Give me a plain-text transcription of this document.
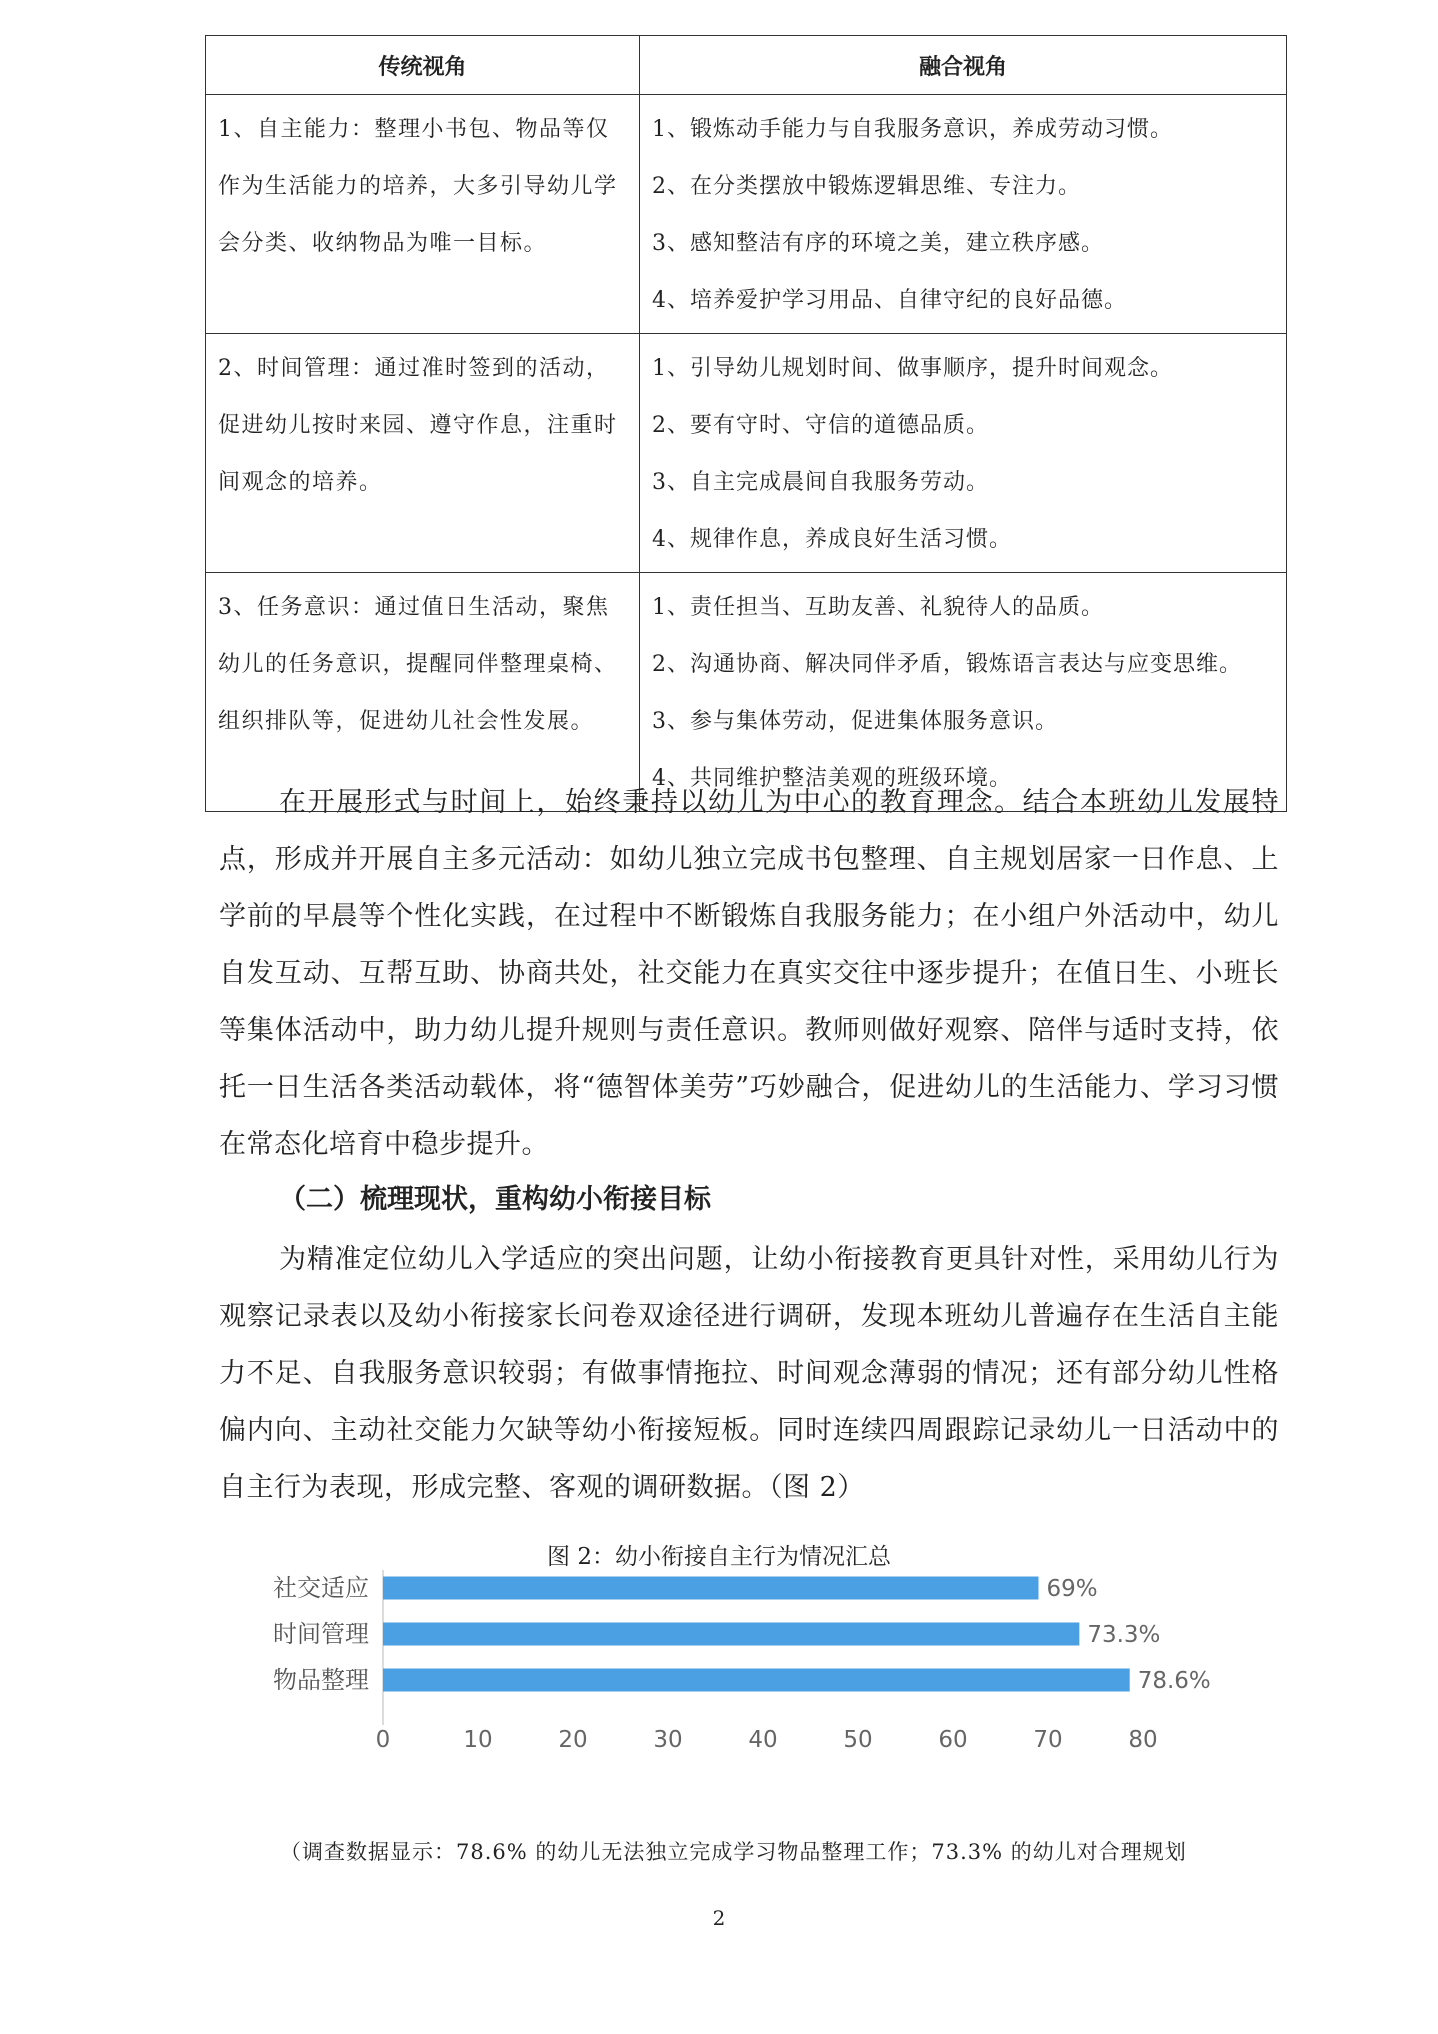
传统视角	融合视角

1、自主能力：整理小书包、物品等仅作为生活能力的培养，大多引导幼儿学会分类、收纳物品为唯一目标。	1、锻炼动手能力与自我服务意识，养成劳动习惯。
2、在分类摆放中锻炼逻辑思维、专注力。
3、感知整洁有序的环境之美，建立秩序感。
4、培养爱护学习用品、自律守纪的良好品德。

2、时间管理：通过准时签到的活动，促进幼儿按时来园、遵守作息，注重时间观念的培养。	1、引导幼儿规划时间、做事顺序，提升时间观念。
2、要有守时、守信的道德品质。
3、自主完成晨间自我服务劳动。
4、规律作息，养成良好生活习惯。

3、任务意识：通过值日生活动，聚焦幼儿的任务意识，提醒同伴整理桌椅、组织排队等，促进幼儿社会性发展。	1、责任担当、互助友善、礼貌待人的品质。
2、沟通协商、解决同伴矛盾，锻炼语言表达与应变思维。
3、参与集体劳动，促进集体服务意识。
4、共同维护整洁美观的班级环境。
在开展形式与时间上，始终秉持以幼儿为中心的教育理念。结合本班幼儿发展特点，形成并开展自主多元活动：如幼儿独立完成书包整理、自主规划居家一日作息、上学前的早晨等个性化实践，在过程中不断锻炼自我服务能力；在小组户外活动中，幼儿自发互动、互帮互助、协商共处，社交能力在真实交往中逐步提升；在值日生、小班长等集体活动中，助力幼儿提升规则与责任意识。教师则做好观察、陪伴与适时支持，依托一日生活各类活动载体，将“德智体美劳”巧妙融合，促进幼儿的生活能力、学习习惯在常态化培育中稳步提升。
（二）梳理现状，重构幼小衔接目标
为精准定位幼儿入学适应的突出问题，让幼小衔接教育更具针对性，采用幼儿行为观察记录表以及幼小衔接家长问卷双途径进行调研，发现本班幼儿普遍存在生活自主能力不足、自我服务意识较弱；有做事情拖拉、时间观念薄弱的情况；还有部分幼儿性格偏内向、主动社交能力欠缺等幼小衔接短板。同时连续四周跟踪记录幼儿一日活动中的自主行为表现，形成完整、客观的调研数据。（图 2）
图 2：幼小衔接自主行为情况汇总
社交适应	69%
时间管理	73.3%
物品整理	78.6%
0	10	20	30	40	50	60	70	80
（调查数据显示：78.6% 的幼儿无法独立完成学习物品整理工作；73.3% 的幼儿对合理规划
2
